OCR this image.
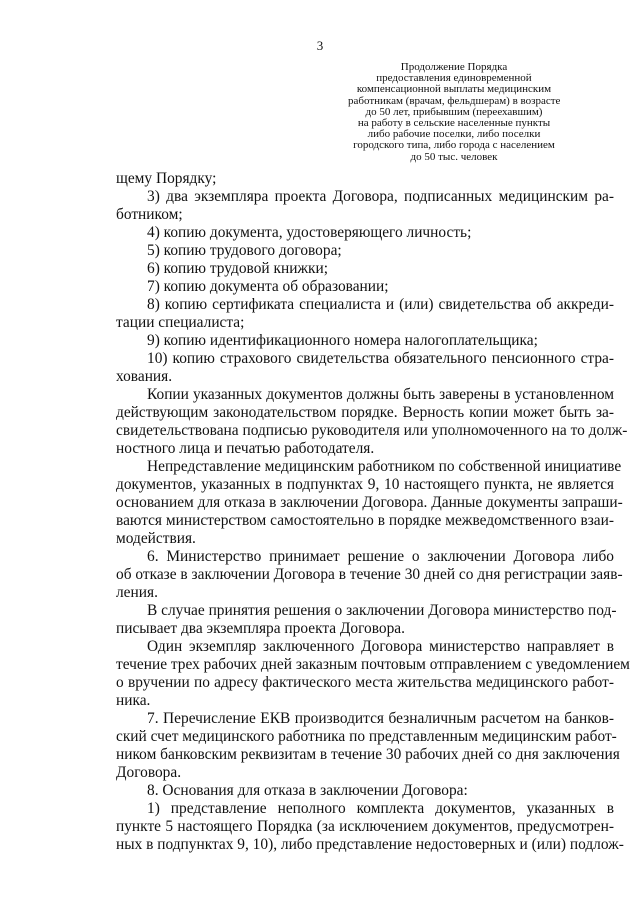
3
Продолжение Порядка
предоставления единовременной
компенсационной выплаты медицинским
работникам (врачам, фельдшерам) в возрасте
до 50 лет, прибывшим (переехавшим)
на работу в сельские населенные пункты
либо рабочие поселки, либо поселки
городского типа, либо города с населением
до 50 тыс. человек
щему Порядку;
3) два экземпляра проекта Договора, подписанных медицинским ра-
ботником;
4) копию документа, удостоверяющего личность;
5) копию трудового договора;
6) копию трудовой книжки;
7) копию документа об образовании;
8) копию сертификата специалиста и (или) свидетельства об аккреди-
тации специалиста;
9) копию идентификационного номера налогоплательщика;
10) копию страхового свидетельства обязательного пенсионного стра-
хования.
Копии указанных документов должны быть заверены в установленном
действующим законодательством порядке. Верность копии может быть за-
свидетельствована подписью руководителя или уполномоченного на то долж-
ностного лица и печатью работодателя.
Непредставление медицинским работником по собственной инициативе
документов, указанных в подпунктах 9, 10 настоящего пункта, не является
основанием для отказа в заключении Договора. Данные документы запраши-
ваются министерством самостоятельно в порядке межведомственного взаи-
модействия.
6. Министерство принимает решение о заключении Договора либо
об отказе в заключении Договора в течение 30 дней со дня регистрации заяв-
ления.
В случае принятия решения о заключении Договора министерство под-
писывает два экземпляра проекта Договора.
Один экземпляр заключенного Договора министерство направляет в
течение трех рабочих дней заказным почтовым отправлением с уведомлением
о вручении по адресу фактического места жительства медицинского работ-
ника.
7. Перечисление ЕКВ производится безналичным расчетом на банков-
ский счет медицинского работника по представленным медицинским работ-
ником банковским реквизитам в течение 30 рабочих дней со дня заключения
Договора.
8. Основания для отказа в заключении Договора:
1) представление неполного комплекта документов, указанных в
пункте 5 настоящего Порядка (за исключением документов, предусмотрен-
ных в подпунктах 9, 10), либо представление недостоверных и (или) подлож-
